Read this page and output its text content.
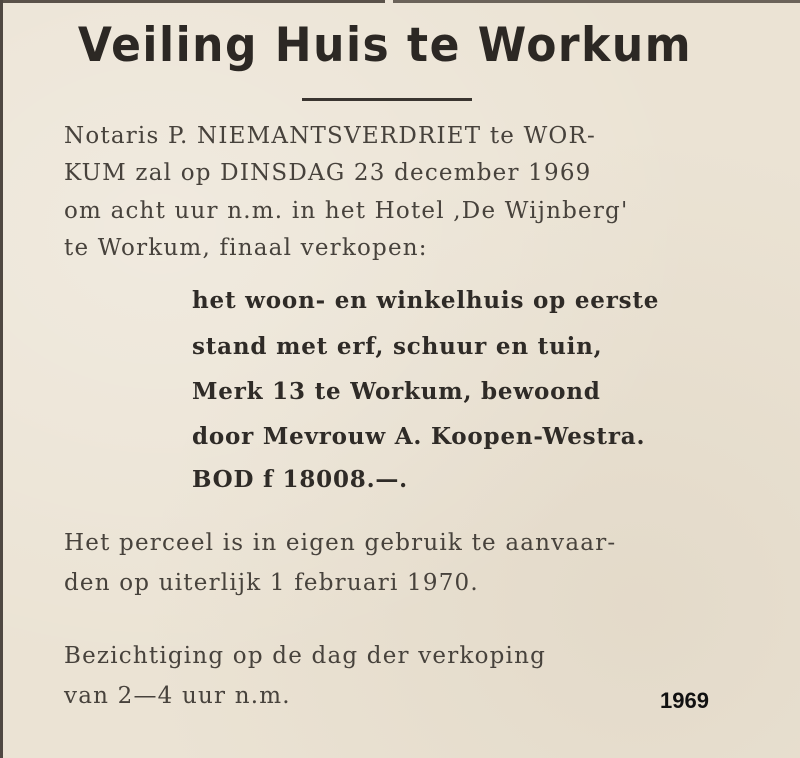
Veiling Huis te Workum
Notaris P. NIEMANTSVERDRIET te WOR-
KUM zal op DINSDAG 23 december 1969
om acht uur n.m. in het Hotel ,De Wijnberg'
te Workum, finaal verkopen:
het woon- en winkelhuis op eerste
stand met erf, schuur en tuin,
Merk 13 te Workum, bewoond
door Mevrouw A. Koopen-Westra.
BOD f 18008.—.
Het perceel is in eigen gebruik te aanvaar-
den op uiterlijk 1 februari 1970.
Bezichtiging op de dag der verkoping
van 2—4 uur n.m.	1969
